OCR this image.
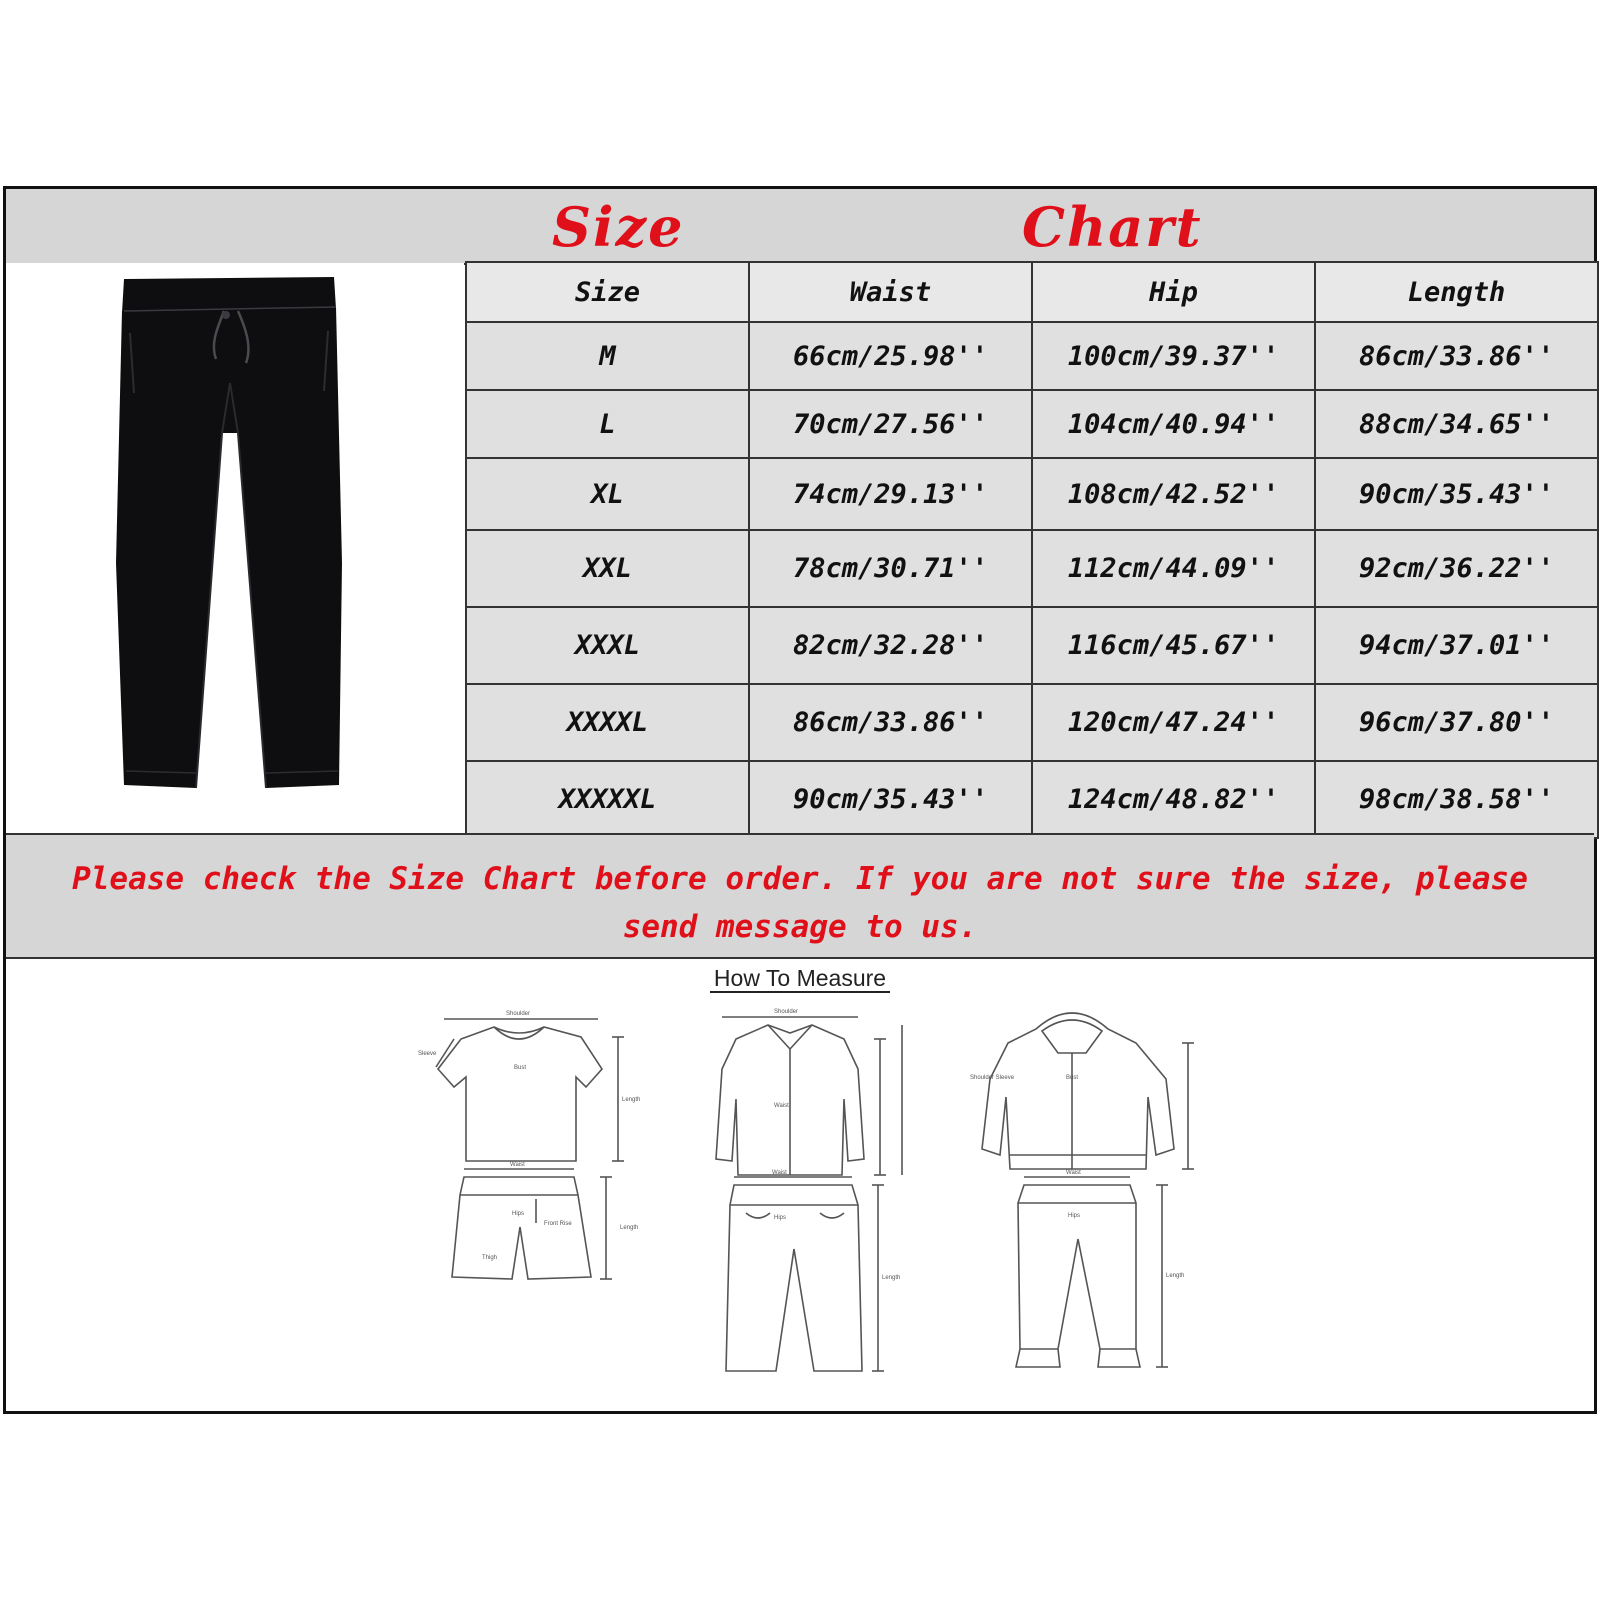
Size	Chart
Size	Waist	Hip	Length
M	66cm/25.98''	100cm/39.37''	86cm/33.86''
L	70cm/27.56''	104cm/40.94''	88cm/34.65''
XL	74cm/29.13''	108cm/42.52''	90cm/35.43''
XXL	78cm/30.71''	112cm/44.09''	92cm/36.22''
XXXL	82cm/32.28''	116cm/45.67''	94cm/37.01''
XXXXL	86cm/33.86''	120cm/47.24''	96cm/37.80''
XXXXXL	90cm/35.43''	124cm/48.82''	98cm/38.58''
Please check the Size Chart before order. If you are not sure the size, please
send message to us.
How To Measure
Shoulder
Bust
Sleeve
Length
Waist
Hips
Front Rise
Thigh
Length
Shoulder
Waist
Waist
Hips
Length
Shoulder Sleeve	Bust
Waist
Hips
Length
